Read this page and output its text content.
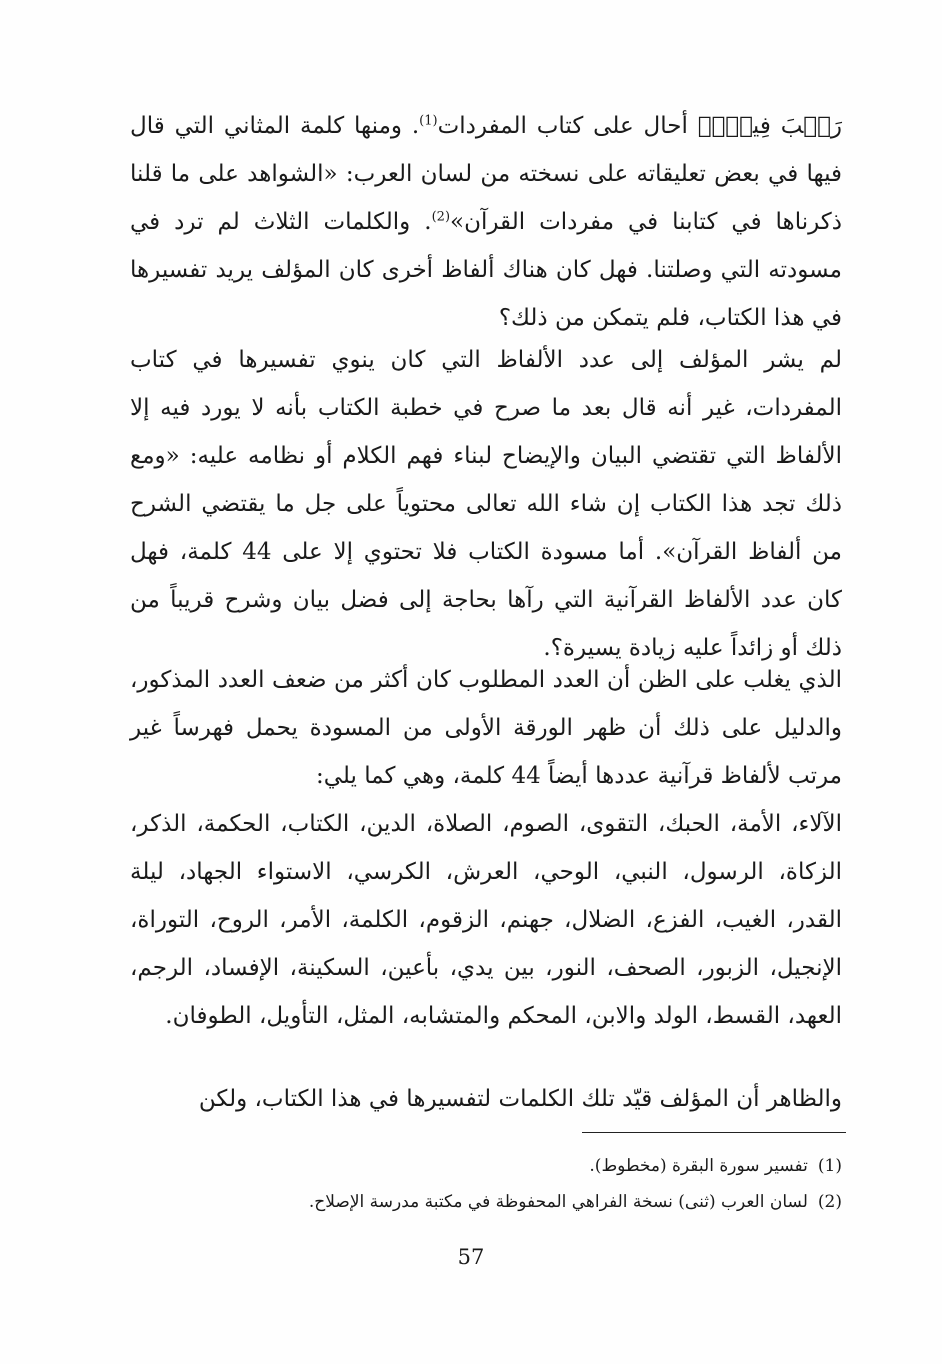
رَيۡبَ فِيهِۚ﴾ أحال على كتاب المفردات$^{(1)}$. ومنها كلمة المثاني التي قال فيها في بعض تعليقاته على نسخته من لسان العرب: «الشواهد على ما قلنا ذكرناها في كتابنا في مفردات القرآن»$^{(2)}$. والكلمات الثلاث لم ترد في مسودته التي وصلتنا. فهل كان هناك ألفاظ أخرى كان المؤلف يريد تفسيرها في هذا الكتاب، فلم يتمكن من ذلك؟

لم يشر المؤلف إلى عدد الألفاظ التي كان ينوي تفسيرها في كتاب المفردات، غير أنه قال بعد ما صرح في خطبة الكتاب بأنه لا يورد فيه إلا الألفاظ التي تقتضي البيان والإيضاح لبناء فهم الكلام أو نظامه عليه: «ومع ذلك تجد هذا الكتاب إن شاء الله تعالى محتوياً على جل ما يقتضي الشرح من ألفاظ القرآن». أما مسودة الكتاب فلا تحتوي إلا على 44 كلمة، فهل كان عدد الألفاظ القرآنية التي رآها بحاجة إلى فضل بيان وشرح قريباً من ذلك أو زائداً عليه زيادة يسيرة؟.

الذي يغلب على الظن أن العدد المطلوب كان أكثر من ضعف العدد المذكور، والدليل على ذلك أن ظهر الورقة الأولى من المسودة يحمل فهرساً غير مرتب لألفاظ قرآنية عددها أيضاً 44 كلمة، وهي كما يلي:

الآلاء، الأمة، الحبك، التقوى، الصوم، الصلاة، الدين، الكتاب، الحكمة، الذكر، الزكاة، الرسول، النبي، الوحي، العرش، الكرسي، الاستواء الجهاد، ليلة القدر، الغيب، الفزع، الضلال، جهنم، الزقوم، الكلمة، الأمر، الروح، التوراة، الإنجيل، الزبور، الصحف، النور، بين يدي، بأعين، السكينة، الإفساد، الرجم، العهد، القسط، الولد والابن، المحكم والمتشابه، المثل، التأويل، الطوفان.

والظاهر أن المؤلف قيّد تلك الكلمات لتفسيرها في هذا الكتاب، ولكن

(1)تفسير سورة البقرة (مخطوط).

(2)لسان العرب (ثنى) نسخة الفراهي المحفوظة في مكتبة مدرسة الإصلاح.

57
